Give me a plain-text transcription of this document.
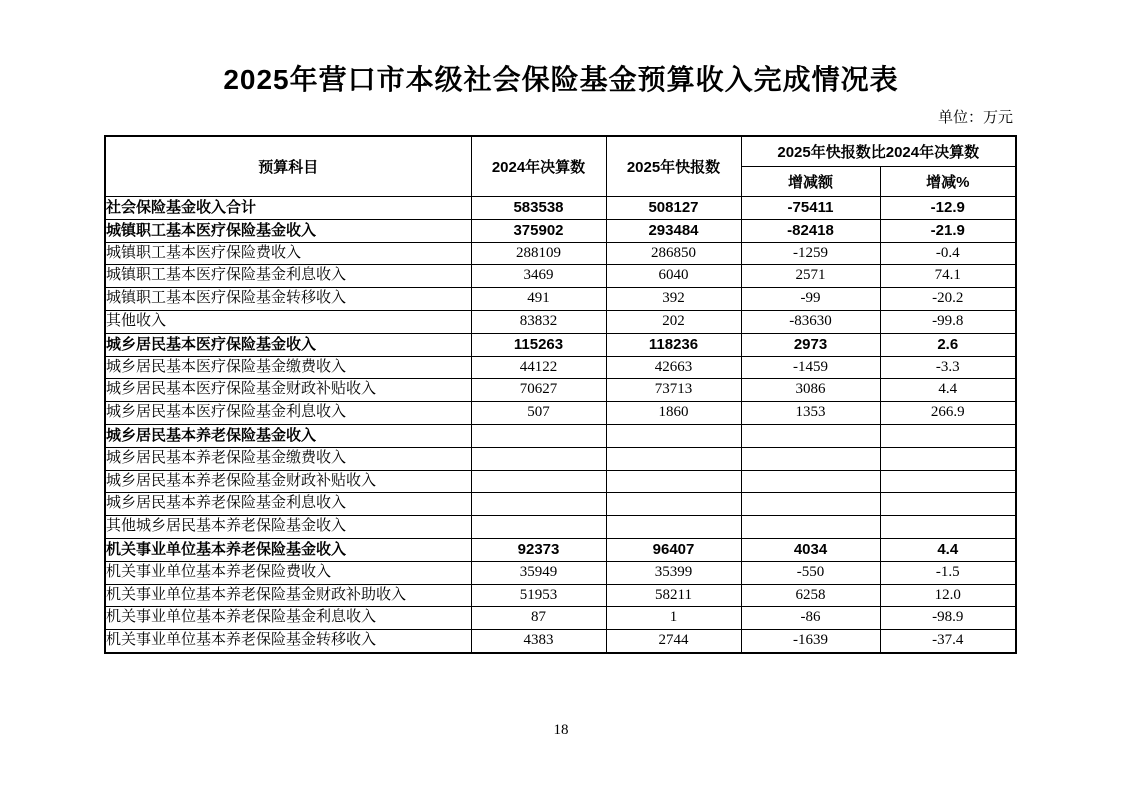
2025年营口市本级社会保险基金预算收入完成情况表
单位：万元
预算科目	2024年决算数	2025年快报数	2025年快报数比2024年决算数	
			增减额	增减%
社会保险基金收入合计	583538	508127	-75411	-12.9
城镇职工基本医疗保险基金收入	375902	293484	-82418	-21.9
城镇职工基本医疗保险费收入	288109	286850	-1259	-0.4
城镇职工基本医疗保险基金利息收入	3469	6040	2571	74.1
城镇职工基本医疗保险基金转移收入	491	392	-99	-20.2
其他收入	83832	202	-83630	-99.8
城乡居民基本医疗保险基金收入	115263	118236	2973	2.6
城乡居民基本医疗保险基金缴费收入	44122	42663	-1459	-3.3
城乡居民基本医疗保险基金财政补贴收入	70627	73713	3086	4.4
城乡居民基本医疗保险基金利息收入	507	1860	1353	266.9
城乡居民基本养老保险基金收入				
城乡居民基本养老保险基金缴费收入				
城乡居民基本养老保险基金财政补贴收入				
城乡居民基本养老保险基金利息收入				
其他城乡居民基本养老保险基金收入				
机关事业单位基本养老保险基金收入	92373	96407	4034	4.4
机关事业单位基本养老保险费收入	35949	35399	-550	-1.5
机关事业单位基本养老保险基金财政补助收入	51953	58211	6258	12.0
机关事业单位基本养老保险基金利息收入	87	1	-86	-98.9
机关事业单位基本养老保险基金转移收入	4383	2744	-1639	-37.4
18
